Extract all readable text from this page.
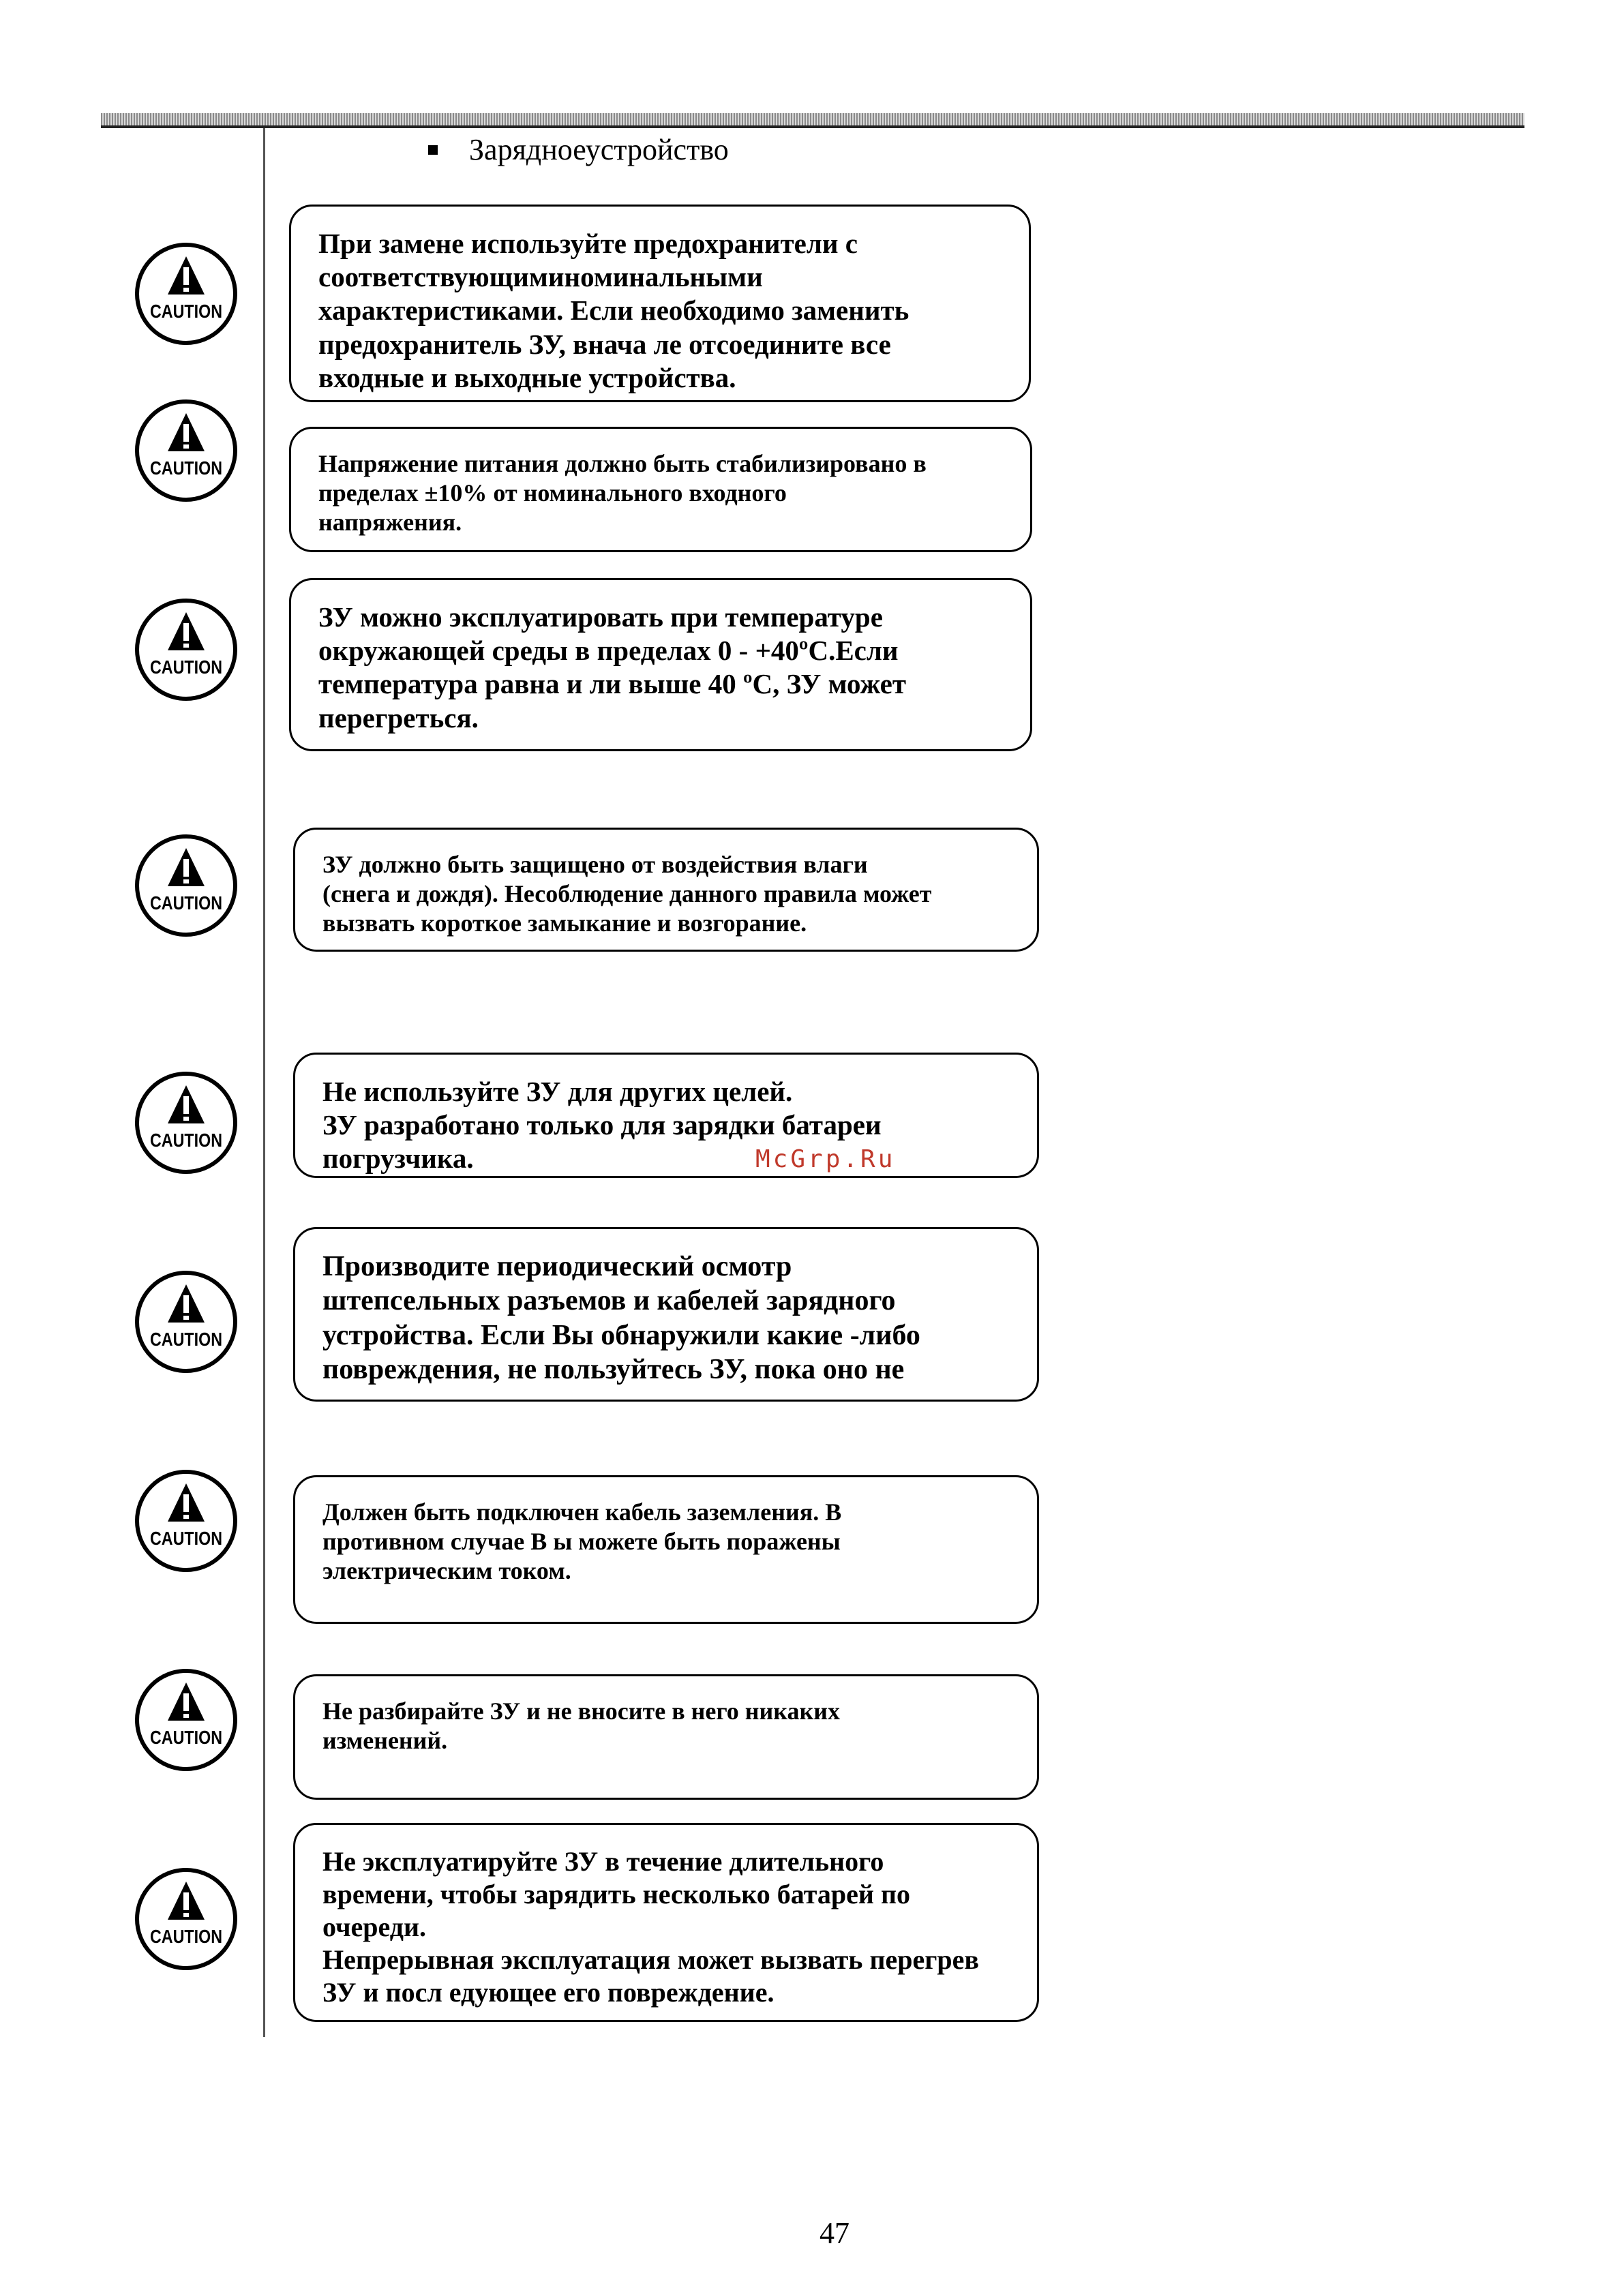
Зарядноеустройство
CAUTION

При замене используйте предохранители с

соответствующиминоминальными

характеристиками. Если необходимо заменить

предохранитель ЗУ, внача ле отсоедините все

входные и выходные устройства.

CAUTION	Напряжение питания должно быть стабилизировано в

пределах ±10% от номинального входного

напряжения.

CAUTION

ЗУ можно эксплуатировать при температуре

окружающей среды в пределах 0 - +40ºC.Если

температура равна и ли выше 40 ºC, ЗУ может

перегреться.

CAUTION

ЗУ должно быть защищено от воздействия влаги

(снега и дождя). Несоблюдение данного правила может

вызвать короткое замыкание и возгорание.

CAUTION

Не используйте ЗУ для других целей.

ЗУ разработано только для зарядки батареи

погрузчика.

CAUTION

Производите периодический осмотр

штепсельных разъемов и кабелей зарядного

устройства. Если Вы обнаружили какие -либо

повреждения, не пользуйтесь ЗУ, пока оно не

CAUTION

Должен быть подключен кабель заземления. В

противном случае В ы можете быть поражены

электрическим током.

CAUTION

Не разбирайте ЗУ и не вносите в него никаких

изменений.

CAUTION

Не эксплуатируйте ЗУ в течение длительного

времени, чтобы зарядить несколько батарей по

очереди.

Непрерывная эксплуатация может вызвать перегрев

ЗУ и посл едующее его повреждение.

McGrp.Ru
47
